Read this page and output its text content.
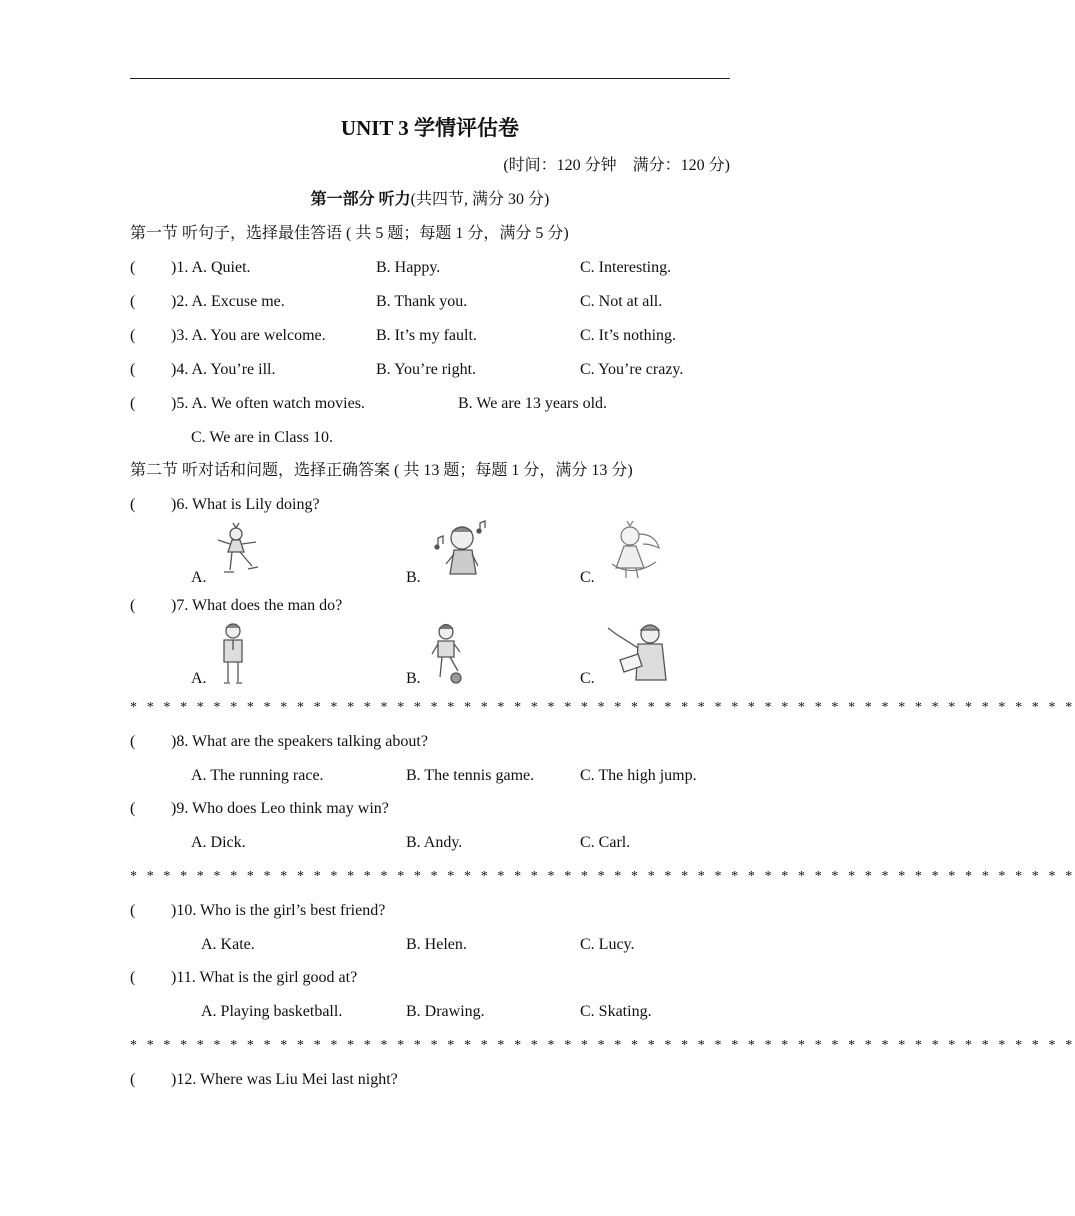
UNIT 3 学情评估卷
(时间：120 分钟　满分：120 分)
第一部分 听力(共四节, 满分 30 分)
第一节 听句子，选择最佳答语 ( 共 5 题；每题 1 分，满分 5 分)
( )1. A. Quiet.	B. Happy.	C. Interesting.
( )2. A. Excuse me.	B. Thank you.	C. Not at all.
( )3. A. You are welcome.	B. It’s my fault.	C. It’s nothing.
( )4. A. You’re ill.	B. You’re right.	C. You’re crazy.
( )5. A. We often watch movies.	B. We are 13 years old.
C. We are in Class 10.
第二节 听对话和问题，选择正确答案 ( 共 13 题；每题 1 分，满分 13 分)
( )6. What is Lily doing?
A.	B.	C.
( )7. What does the man do?
A.	B.	C.
* * * * * * * * * * * * * * * * * * * * * * * * * * * * * * * * * * * * * * * * * * * * * * * * * * * * * * * * *
( )8. What are the speakers talking about?
A. The running race.	B. The tennis game.	C. The high jump.
( )9. Who does Leo think may win?
A. Dick.	B. Andy.	C. Carl.
* * * * * * * * * * * * * * * * * * * * * * * * * * * * * * * * * * * * * * * * * * * * * * * * * * * * * * * * *
( )10. Who is the girl’s best friend?
A. Kate.	B. Helen.	C. Lucy.
( )11. What is the girl good at?
A. Playing basketball.	B. Drawing.	C. Skating.
* * * * * * * * * * * * * * * * * * * * * * * * * * * * * * * * * * * * * * * * * * * * * * * * * * * * * * * * *
( )12. Where was Liu Mei last night?
